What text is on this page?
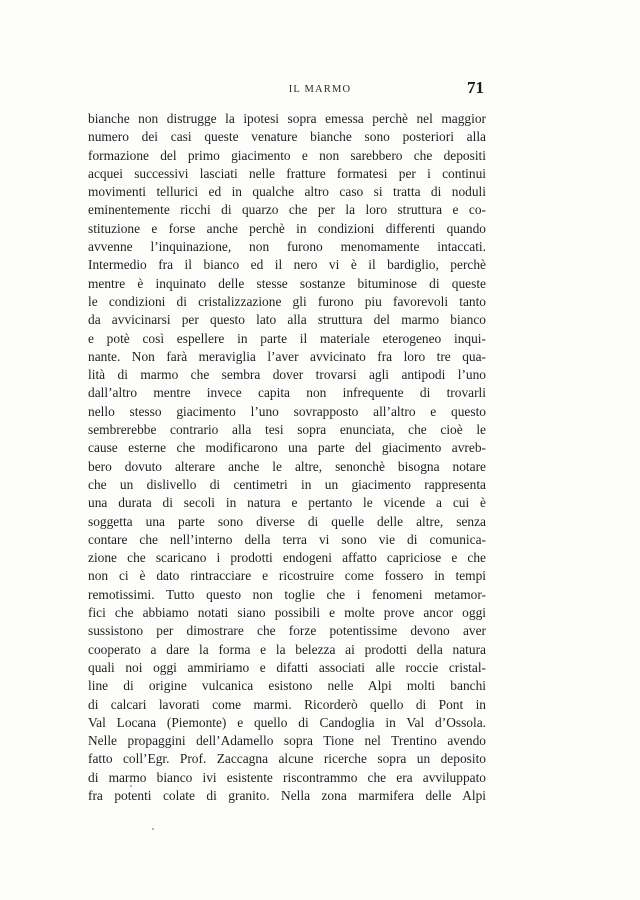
IL MARMO	71
bianche non distrugge la ipotesi sopra emessa perchè nel maggior
numero dei casi queste venature bianche sono posteriori alla
formazione del primo giacimento e non sarebbero che depositi
acquei successivi lasciati nelle fratture formatesi per i continui
movimenti tellurici ed in qualche altro caso si tratta di noduli
eminentemente ricchi di quarzo che per la loro struttura e co-
stituzione e forse anche perchè in condizioni differenti quando
avvenne l’inquinazione, non furono menomamente intaccati.
Intermedio fra il bianco ed il nero vi è il bardiglio, perchè
mentre è inquinato delle stesse sostanze bituminose di queste
le condizioni di cristalizzazione gli furono piu favorevoli tanto
da avvicinarsi per questo lato alla struttura del marmo bianco
e potè così espellere in parte il materiale eterogeneo inqui-
nante. Non farà meraviglia l’aver avvicinato fra loro tre qua-
lità di marmo che sembra dover trovarsi agli antipodi l’uno
dall’altro mentre invece capita non infrequente di trovarli
nello stesso giacimento l’uno sovrapposto all’altro e questo
sembrerebbe contrario alla tesi sopra enunciata, che cioè le
cause esterne che modificarono una parte del giacimento avreb-
bero dovuto alterare anche le altre, senonchè bisogna notare
che un dislivello di centimetri in un giacimento rappresenta
una durata di secoli in natura e pertanto le vicende a cui è
soggetta una parte sono diverse di quelle delle altre, senza
contare che nell’interno della terra vi sono vie di comunica-
zione che scaricano i prodotti endogeni affatto capriciose e che
non ci è dato rintracciare e ricostruire come fossero in tempi
remotissimi. Tutto questo non toglie che i fenomeni metamor-
fici che abbiamo notati siano possibili e molte prove ancor oggi
sussistono per dimostrare che forze potentissime devono aver
cooperato a dare la forma e la belezza ai prodotti della natura
quali noi oggi ammiriamo e difatti associati alle roccie cristal-
line di origine vulcanica esistono nelle Alpi molti banchi
di calcari lavorati come marmi. Ricorderò quello di Pont in
Val Locana (Piemonte) e quello di Candoglia in Val d’Ossola.
Nelle propaggini dell’Adamello sopra Tione nel Trentino avendo
fatto coll’Egr. Prof. Zaccagna alcune ricerche sopra un deposito
di marmo bianco ivi esistente riscontrammo che era avviluppato
fra potenti colate di granito. Nella zona marmifera delle Alpi
